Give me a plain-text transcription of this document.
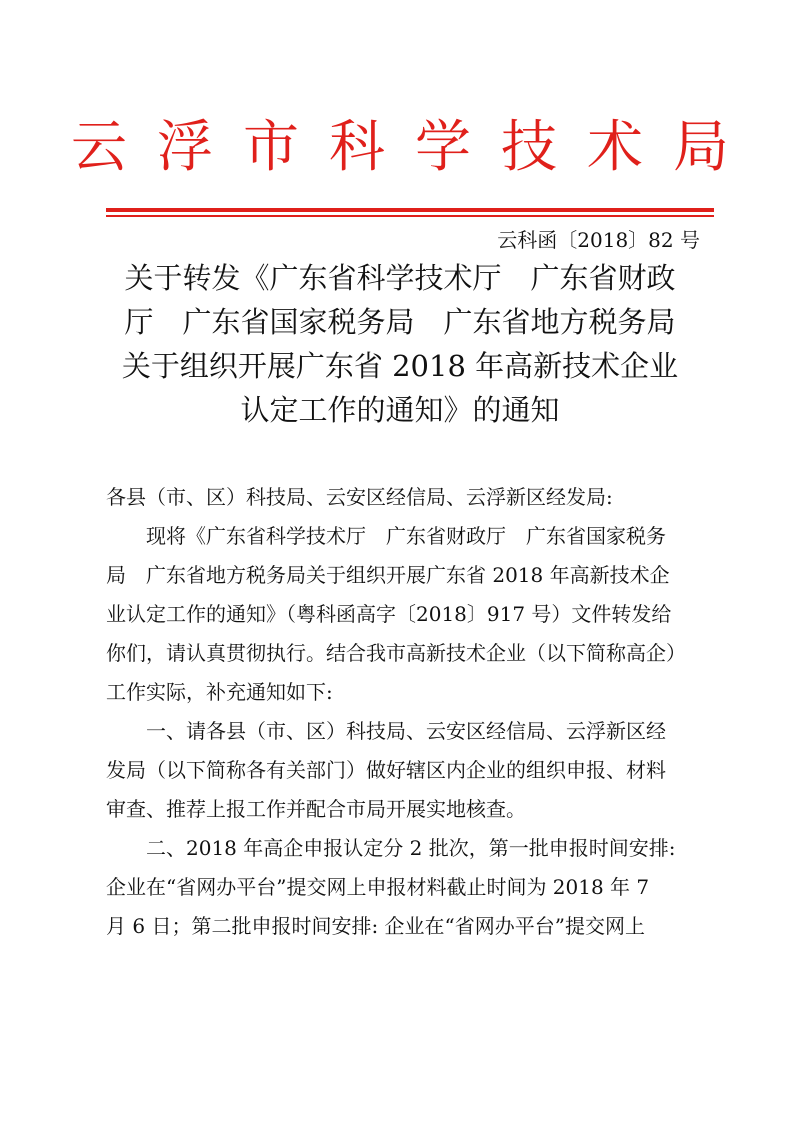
云浮市科学技术局
云科函〔2018〕82 号
关于转发《广东省科学技术厅　广东省财政
厅　广东省国家税务局　广东省地方税务局
关于组织开展广东省 2018 年高新技术企业
认定工作的通知》的通知

各县（市、区）科技局、云安区经信局、云浮新区经发局:

现将《广东省科学技术厅　广东省财政厅　广东省国家税务
局　广东省地方税务局关于组织开展广东省 2018 年高新技术企
业认定工作的通知》（粤科函高字〔2018〕917 号）文件转发给
你们，请认真贯彻执行。结合我市高新技术企业（以下简称高企）
工作实际，补充通知如下:

一、请各县（市、区）科技局、云安区经信局、云浮新区经
发局（以下简称各有关部门）做好辖区内企业的组织申报、材料
审查、推荐上报工作并配合市局开展实地核查。

二、2018 年高企申报认定分 2 批次，第一批申报时间安排:
企业在“省网办平台”提交网上申报材料截止时间为 2018 年 7
月 6 日；第二批申报时间安排: 企业在“省网办平台”提交网上
